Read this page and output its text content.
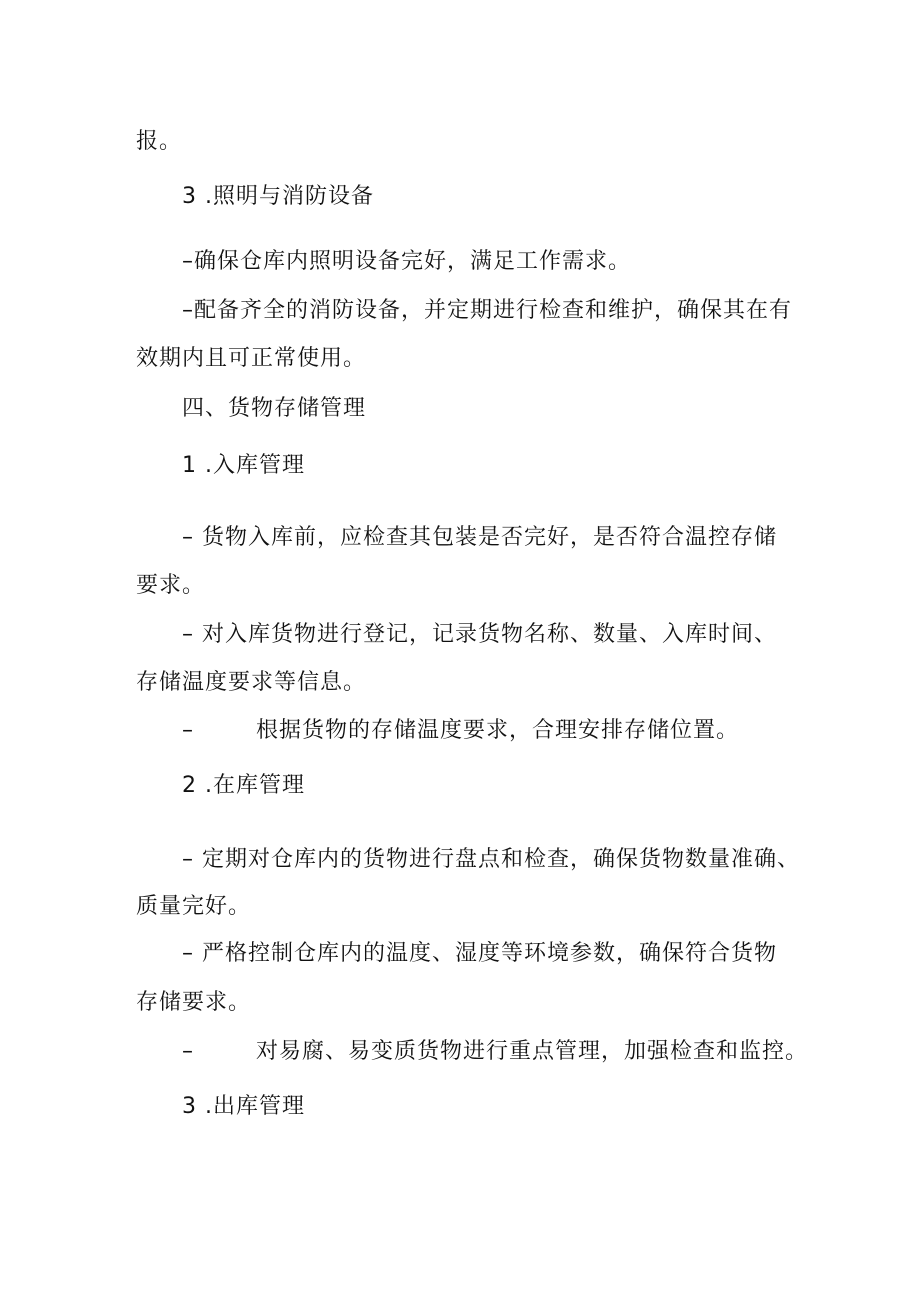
报。
3 .照明与消防设备
–确保仓库内照明设备完好，满足工作需求。
–配备齐全的消防设备，并定期进行检查和维护，确保其在有
效期内且可正常使用。
四、货物存储管理
1 .入库管理
– 货物入库前，应检查其包装是否完好，是否符合温控存储
要求。
– 对入库货物进行登记，记录货物名称、数量、入库时间、
存储温度要求等信息。
–	根据货物的存储温度要求，合理安排存储位置。
2 .在库管理
– 定期对仓库内的货物进行盘点和检查，确保货物数量准确、
质量完好。
– 严格控制仓库内的温度、湿度等环境参数，确保符合货物
存储要求。
–	对易腐、易变质货物进行重点管理，加强检查和监控。
3 .出库管理
